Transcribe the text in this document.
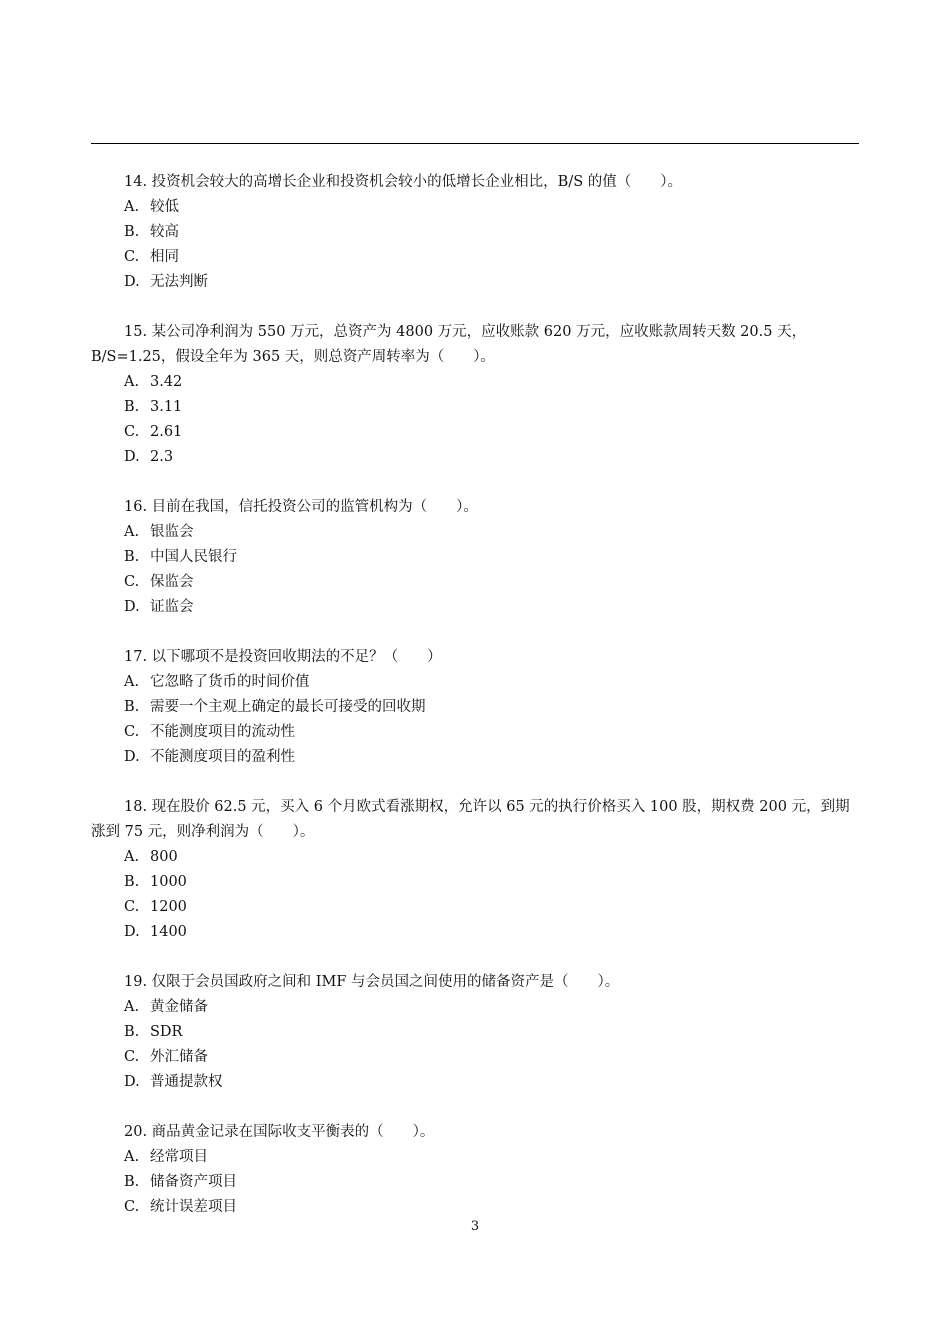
14. 投资机会较大的高增长企业和投资机会较小的低增长企业相比，B/S 的值（　　）。

A. 较低
B. 较高
C. 相同
D. 无法判断

15. 某公司净利润为 550 万元，总资产为 4800 万元，应收账款 620 万元，应收账款周转天数 20.5 天，B/S=1.25，假设全年为 365 天，则总资产周转率为（　　）。

A. 3.42
B. 3.11
C. 2.61
D. 2.3

16. 目前在我国，信托投资公司的监管机构为（　　）。

A. 银监会
B. 中国人民银行
C. 保监会
D. 证监会

17. 以下哪项不是投资回收期法的不足？（　　）

A. 它忽略了货币的时间价值
B. 需要一个主观上确定的最长可接受的回收期
C. 不能测度项目的流动性
D. 不能测度项目的盈利性

18. 现在股价 62.5 元，买入 6 个月欧式看涨期权，允许以 65 元的执行价格买入 100 股，期权费 200 元，到期涨到 75 元，则净利润为（　　）。

A. 800
B. 1000
C. 1200
D. 1400

19. 仅限于会员国政府之间和 IMF 与会员国之间使用的储备资产是（　　）。

A. 黄金储备
B. SDR
C. 外汇储备
D. 普通提款权

20. 商品黄金记录在国际收支平衡表的（　　）。

A. 经常项目
B. 储备资产项目
C. 统计误差项目
3
